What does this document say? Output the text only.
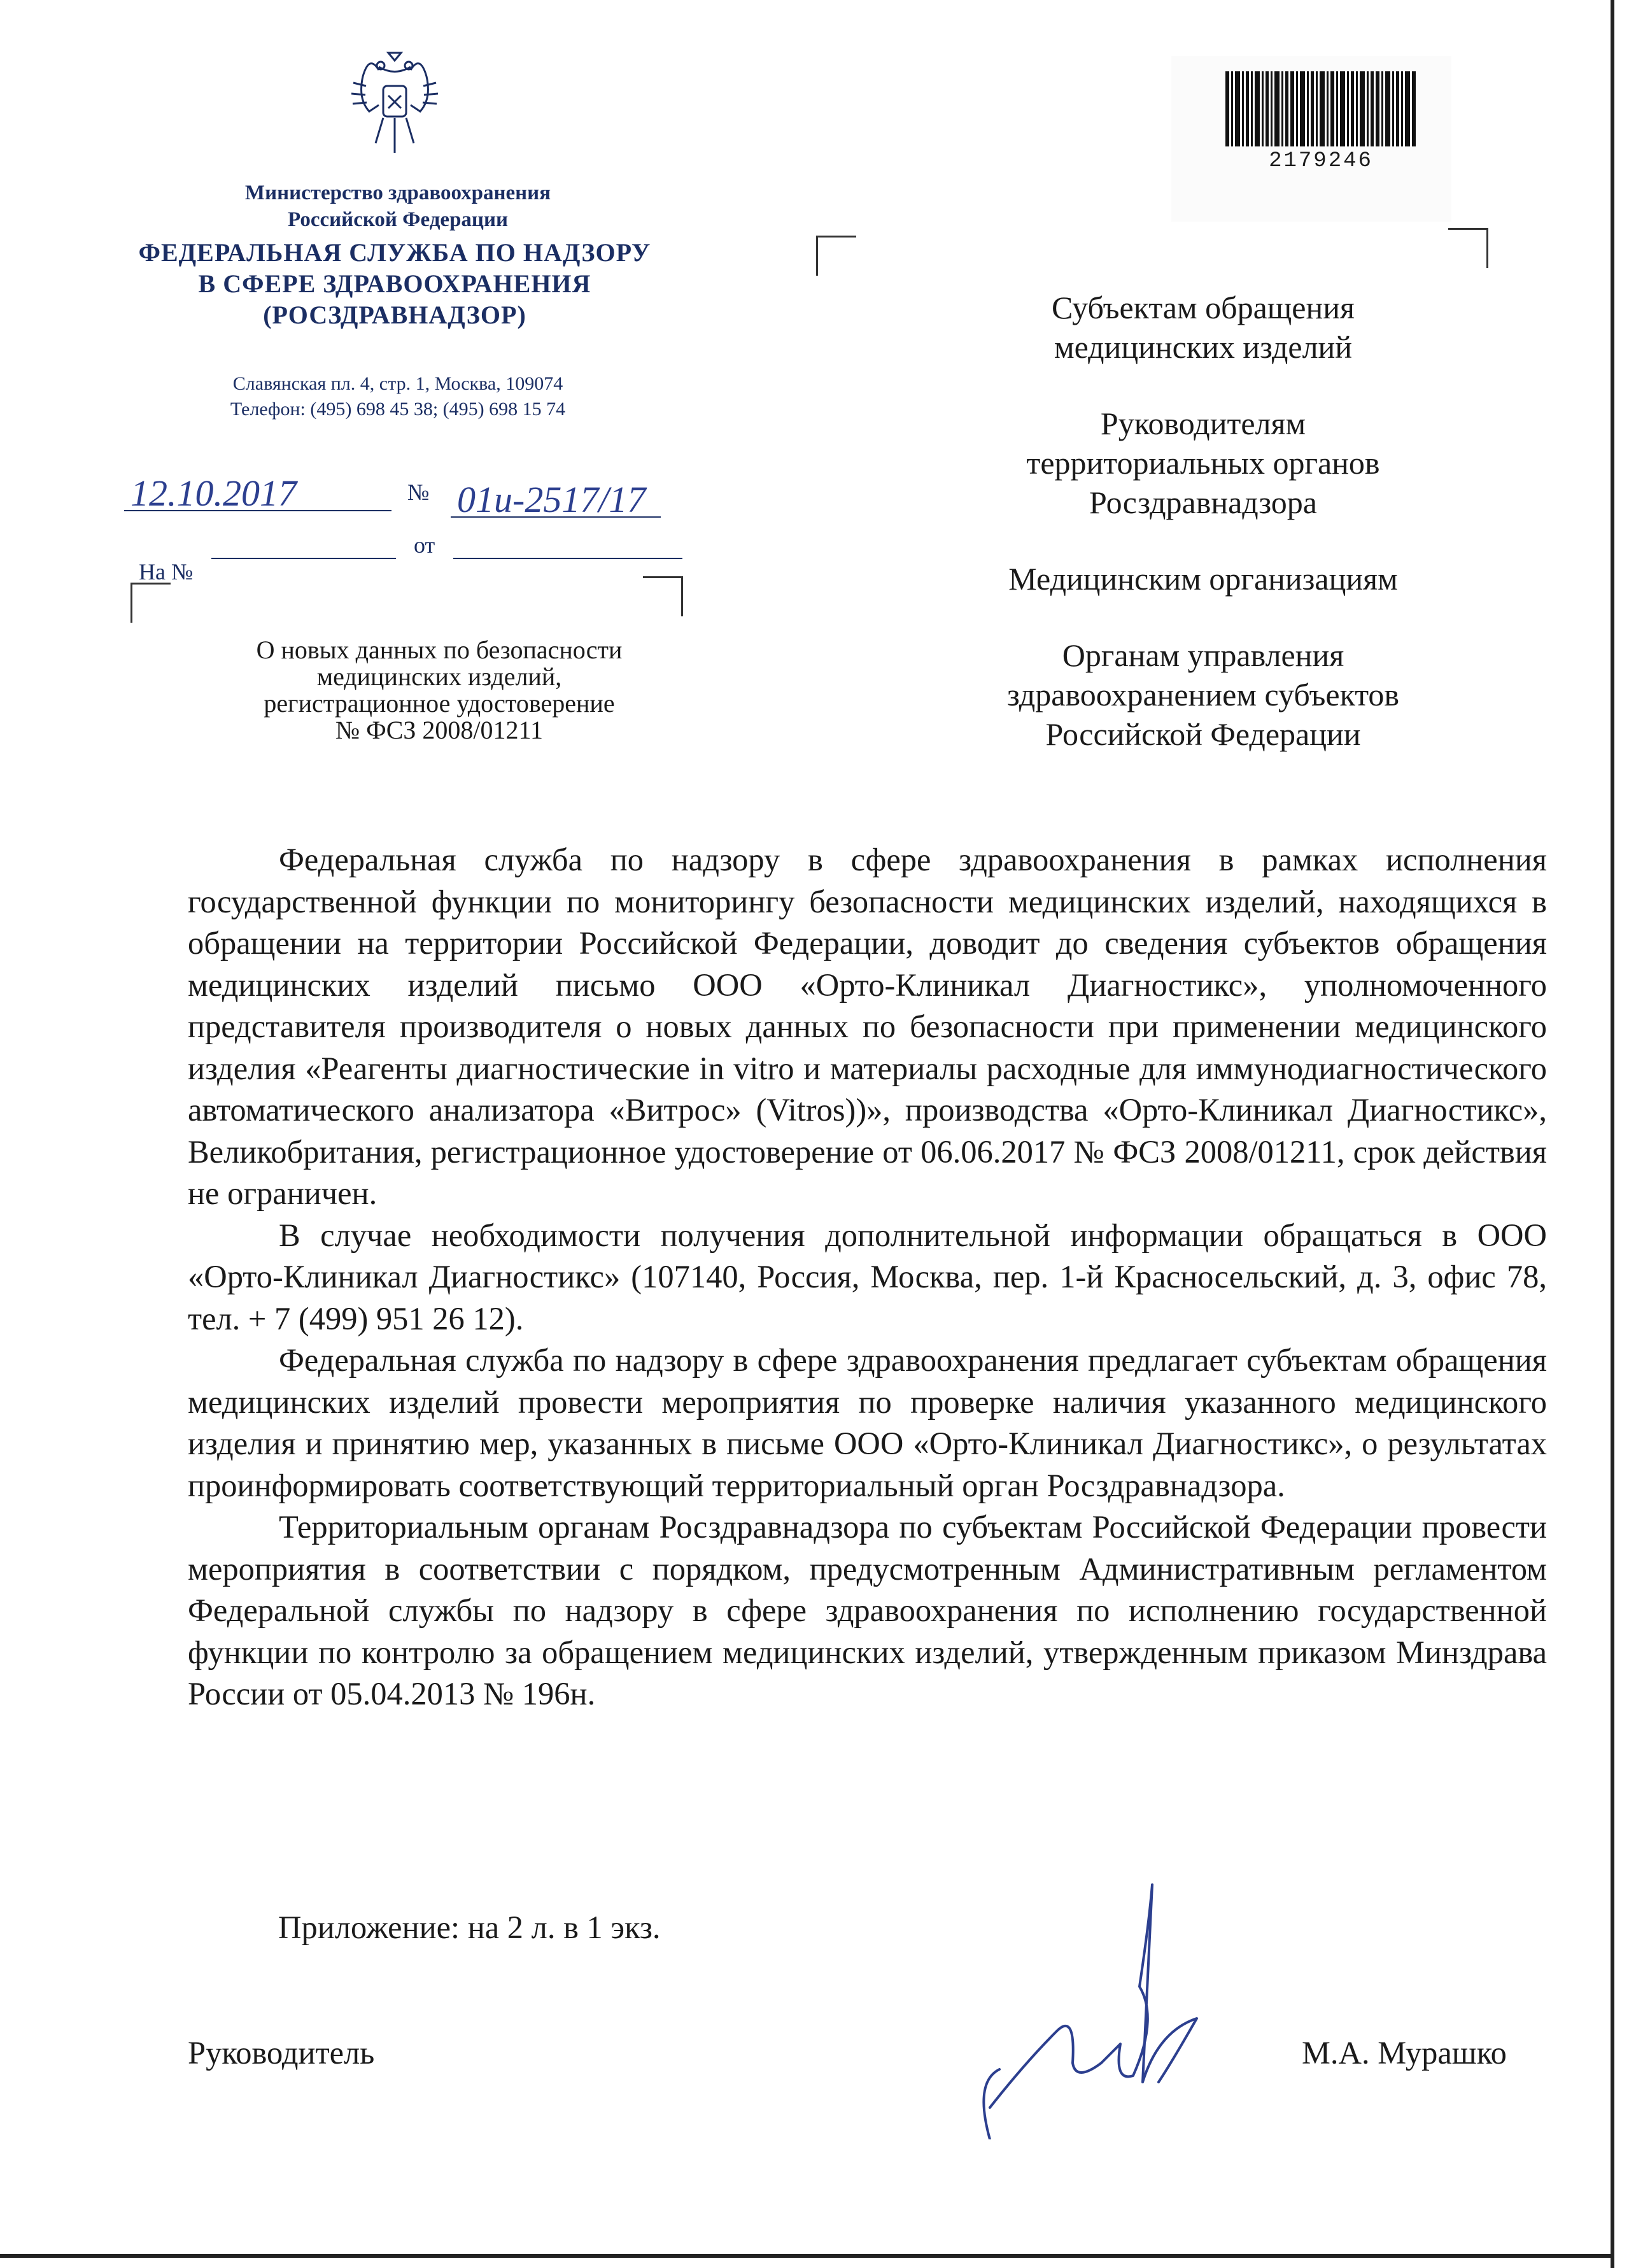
Министерство здравоохранения
Российской Федерации
ФЕДЕРАЛЬНАЯ СЛУЖБА ПО НАДЗОРУ
В СФЕРЕ ЗДРАВООХРАНЕНИЯ
(РОСЗДРАВНАДЗОР)
Славянская пл. 4, стр. 1, Москва, 109074
Телефон: (495) 698 45 38; (495) 698 15 74
12.10.2017	№ 01и-2517/17

На №

от
О новых данных по безопасности
медицинских изделий,
регистрационное удостоверение
№ ФСЗ 2008/01211
2179246

Субъектам обращения медицинских изделий

Руководителям территориальных органов Росздравнадзора

Медицинским организациям

Органам управления здравоохранением субъектов Российской Федерации

Федеральная служба по надзору в сфере здравоохранения в рамках исполнения государственной функции по мониторингу безопасности медицинских изделий, находящихся в обращении на территории Российской Федерации, доводит до сведения субъектов обращения медицинских изделий письмо ООО «Орто-Клиникал Диагностикс», уполномоченного представителя производителя о новых данных по безопасности при применении медицинского изделия «Реагенты диагностические in vitro и материалы расходные для иммунодиагностического автоматического анализатора «Витрос» (Vitros))», производства «Орто-Клиникал Диагностикс», Великобритания, регистрационное удостоверение от 06.06.2017 № ФСЗ 2008/01211, срок действия не ограничен.

В случае необходимости получения дополнительной информации обращаться в ООО «Орто-Клиникал Диагностикс» (107140, Россия, Москва, пер. 1-й Красносельский, д. 3, офис 78, тел. + 7 (499) 951 26 12).

Федеральная служба по надзору в сфере здравоохранения предлагает субъектам обращения медицинских изделий провести мероприятия по проверке наличия указанного медицинского изделия и принятию мер, указанных в письме ООО «Орто-Клиникал Диагностикс», о результатах проинформировать соответствующий территориальный орган Росздравнадзора.

Территориальным органам Росздравнадзора по субъектам Российской Федерации провести мероприятия в соответствии с порядком, предусмотренным Административным регламентом Федеральной службы по надзору в сфере здравоохранения по исполнению государственной функции по контролю за обращением медицинских изделий, утвержденным приказом Минздрава России от 05.04.2013 № 196н.

Приложение: на 2 л. в 1 экз.
Руководитель	М.А. Мурашко
